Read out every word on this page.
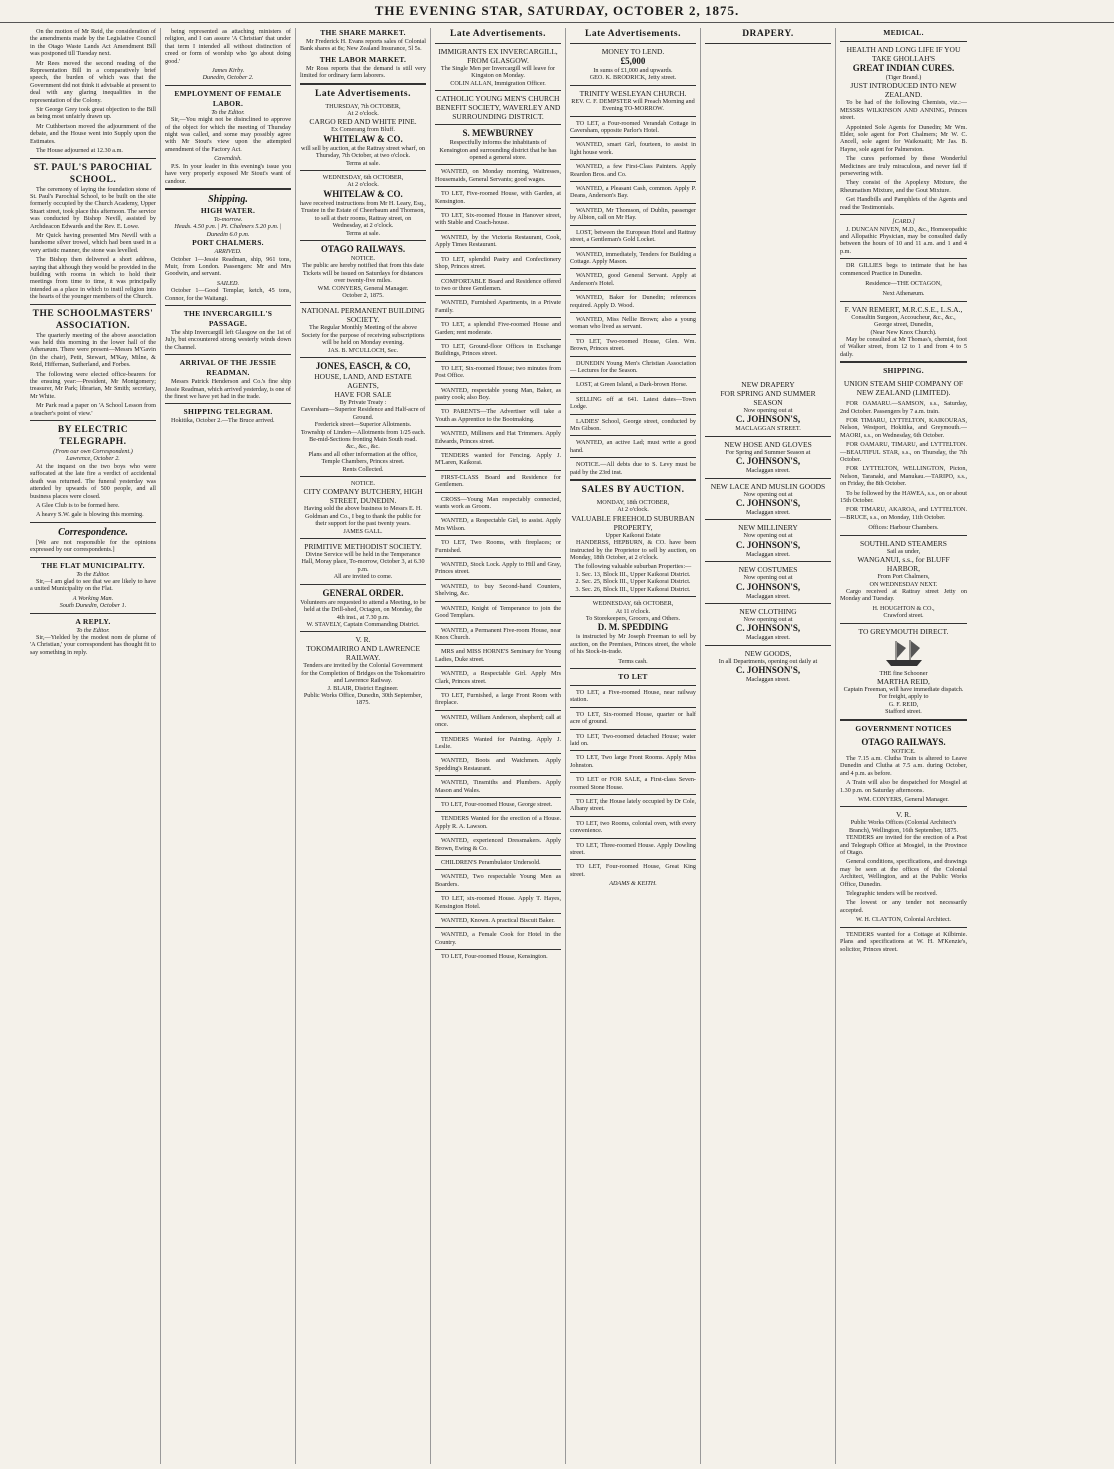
THE EVENING STAR, SATURDAY, OCTOBER 2, 1875.

On the motion of Mr Reid, the consideration of the amendments made by the Legislative Council in the Otago Waste Lands Act Amendment Bill was postponed till Tuesday next.

Mr Rees moved the second reading of the Representation Bill in a comparatively brief speech, the burden of which was that the Government did not think it advisable at present to deal with any glaring inequalities in the representation of the Colony.

Sir George Grey took great objection to the Bill as being most unfairly drawn up.

Mr Cuthbertson moved the adjournment of the debate, and the House went into Supply upon the Estimates.

The House adjourned at 12.30 a.m.

ST. PAUL'S PAROCHIAL SCHOOL.

The ceremony of laying the foundation stone of St. Paul's Parochial School, to be built on the site formerly occupied by the Church Academy, Upper Stuart street, took place this afternoon. The service was conducted by Bishop Nevill, assisted by Archdeacon Edwards and the Rev. E. Lowe.

Mr Quick having presented Mrs Nevill with a handsome silver trowel, which had been used in a very artistic manner, the stone was levelled.

The Bishop then delivered a short address, saying that although they would be provided in the building with rooms in which to hold their meetings from time to time, it was principally intended as a place in which to instil religion into the hearts of the younger members of the Church.

THE SCHOOLMASTERS' ASSOCIATION.

The quarterly meeting of the above association was held this morning in the lower hall of the Athenæum. There were present—Messrs M'Gavin (in the chair), Petit, Stewart, M'Kay, Milne, & Reid, Hiffernan, Sutherland, and Forbes.

The following were elected office-bearers for the ensuing year:—President, Mr Montgomery; treasurer, Mr Park; librarian, Mr Smith; secretary, Mr White.

Mr Park read a paper on 'A School Lesson from a teacher's point of view.'

BY ELECTRIC TELEGRAPH.
(From our own Correspondent.)
Lawrence, October 2.

At the inquest on the two boys who were suffocated at the late fire a verdict of accidental death was returned. The funeral yesterday was attended by upwards of 500 people, and all business places were closed.

A Glee Club is to be formed here.

A heavy S.W. gale is blowing this morning.

Correspondence.

[We are not responsible for the opinions expressed by our correspondents.]

THE FLAT MUNICIPALITY.
To the Editor.

Sir,—I am glad to see that we are likely to have a united Municipality on the Flat.

A Working Man.
South Dunedin, October 1.
A REPLY.
To the Editor.

Sir,—Yielded by the modest nom de plume of 'A Christian,' your correspondent has thought fit to say something in reply.

being represented as attaching ministers of religion, and I can assure 'A Christian' that under that term I intended all without distinction of creed or form of worship who 'go about doing good.'

James Kirby.
Dunedin, October 2.
EMPLOYMENT OF FEMALE LABOR.
To the Editor.

Sir,—You might not be disinclined to approve of the object for which the meeting of Thursday night was called, and some may possibly agree with Mr Stout's view upon the attempted amendment of the Factory Act.

Cavendish.

P.S. In your leader in this evening's issue you have very properly exposed Mr Stout's want of candour.

Shipping.
HIGH WATER.
To-morrow.
Heads. 4.50 p.m. | Pt. Chalmers 5.20 p.m. | Dunedin 6.0 p.m.
PORT CHALMERS.
ARRIVED.

October 1—Jessie Readman, ship, 961 tons, Muir, from London. Passengers: Mr and Mrs Goodwin, and servant.

SAILED.

October 1—Good Templar, ketch, 45 tons, Connor, for the Waitangi.

THE INVERCARGILL'S PASSAGE.

The ship Invercargill left Glasgow on the 1st of July, but encountered strong westerly winds down the Channel.

ARRIVAL OF THE JESSIE READMAN.

Messrs Patrick Henderson and Co.'s fine ship Jessie Readman, which arrived yesterday, is one of the finest we have yet had in the trade.

SHIPPING TELEGRAM.

Hokitika, October 2.—The Bruce arrived.

THE SHARE MARKET.

Mr Frederick H. Evans reports sales of Colonial Bank shares at 8s; New Zealand Insurance, 5l 5s.

THE LABOR MARKET.

Mr Ross reports that the demand is still very limited for ordinary farm laborers.

Late Advertisements.
THURSDAY, 7th OCTOBER,
At 2 o'clock.
CARGO RED AND WHITE PINE.
Ex Comerang from Bluff.
WHITELAW & CO.
will sell by auction, at the Rattray street wharf, on Thursday, 7th October, at two o'clock.
Terms at sale.
WEDNESDAY, 6th OCTOBER,
At 2 o'clock.
WHITELAW & CO.
have received instructions from Mr H. Leary, Esq., Trustee in the Estate of Cheerbaum and Thomson, to sell at their rooms, Rattray street, on Wednesday, at 2 o'clock.
Terms at sale.
OTAGO RAILWAYS.
NOTICE.
The public are hereby notified that from this date Tickets will be issued on Saturdays for distances over twenty-five miles.
WM. CONYERS, General Manager.
October 2, 1875.
NATIONAL PERMANENT BUILDING SOCIETY.
The Regular Monthly Meeting of the above Society for the purpose of receiving subscriptions will be held on Monday evening.
JAS. B. M'CULLOCH, Sec.
JONES, EASCH, & CO,
HOUSE, LAND, AND ESTATE AGENTS,
HAVE FOR SALE
By Private Treaty :
Caversham—Superior Residence and Half-acre of Ground.
Frederick street—Superior Allotments.
Township of Linden—Allotments from 1/25 each.
Be-mid-Sections fronting Main South road.
&c., &c., &c.
Plans and all other information at the office,
Temple Chambers, Princes street.
Rents Collected.
NOTICE.
CITY COMPANY BUTCHERY, HIGH STREET, DUNEDIN.
Having sold the above business to Messrs E. H. Goldman and Co., I beg to thank the public for their support for the past twenty years.
JAMES GALL.
PRIMITIVE METHODIST SOCIETY.
Divine Service will be held in the Temperance Hall, Moray place, To-morrow, October 3, at 6.30 p.m.
All are invited to come.
GENERAL ORDER.
Volunteers are requested to attend a Meeting, to be held at the Drill-shed, Octagon, on Monday, the 4th inst., at 7.30 p.m.
W. STAVELY, Captain Commanding District.
V. R.
TOKOMAIRIRO AND LAWRENCE RAILWAY.
Tenders are invited by the Colonial Government for the Completion of Bridges on the Tokomairiro and Lawrence Railway.
J. BLAIR, District Engineer.
Public Works Office, Dunedin, 30th September, 1875.
Late Advertisements.
IMMIGRANTS EX INVERCARGILL, FROM GLASGOW.
The Single Men per Invercargill will leave for Kingston on Monday.
COLIN ALLAN, Immigration Officer.
CATHOLIC YOUNG MEN'S CHURCH BENEFIT SOCIETY, WAVERLEY AND SURROUNDING DISTRICT.
S. MEWBURNEY
Respectfully informs the inhabitants of Kensington and surrounding district that he has opened a general store.

WANTED, on Monday morning, Waitresses, Housemaids, General Servants; good wages.

TO LET, Five-roomed House, with Garden, at Kensington.

TO LET, Six-roomed House in Hanover street, with Stable and Coach-house.

WANTED, by the Victoria Restaurant, Cook, Apply Times Restaurant.

TO LET, splendid Pastry and Confectionery Shop, Princes street.

COMFORTABLE Board and Residence offered to two or three Gentlemen.

WANTED, Furnished Apartments, in a Private Family.

TO LET, a splendid Five-roomed House and Garden; rent moderate.

TO LET, Ground-floor Offices in Exchange Buildings, Princes street.

TO LET, Six-roomed House; two minutes from Post Office.

WANTED, respectable young Man, Baker, as pastry cook; also Boy.

TO PARENTS—The Advertiser will take a Youth as Apprentice to the Bootmaking.

WANTED, Milliners and Hat Trimmers. Apply Edwards, Princes street.

TENDERS wanted for Fencing. Apply J. M'Laren, Kaikorai.

FIRST-CLASS Board and Residence for Gentlemen.

CROSS—Young Man respectably connected, wants work as Groom.

WANTED, a Respectable Girl, to assist. Apply Mrs Wilson.

TO LET, Two Rooms, with fireplaces; or Furnished.

WANTED, Stock Lock. Apply to Hill and Gray, Princes street.

WANTED, to buy Second-hand Counters, Shelving, &c.

WANTED, Knight of Temperance to join the Good Templars.

WANTED, a Permanent Five-room House, near Knox Church.

MRS and MISS HORNE'S Seminary for Young Ladies, Duke street.

WANTED, a Respectable Girl. Apply Mrs Clark, Princes street.

TO LET, Furnished, a large Front Room with fireplace.

WANTED, William Anderson, shepherd; call at once.

TENDERS Wanted for Painting. Apply J. Leslie.

WANTED, Boots and Watchmen. Apply Spedding's Restaurant.

WANTED, Tinsmiths and Plumbers. Apply Mason and Wales.

TO LET, Four-roomed House, George street.

TENDERS Wanted for the erection of a House. Apply R. A. Lawson.

WANTED, experienced Dressmakers. Apply Brown, Ewing & Co.

CHILDREN'S Perambulator Undersold.

WANTED, Two respectable Young Men as Boarders.

TO LET, six-roomed House. Apply T. Hayes, Kensington Hotel.

WANTED, Known. A practical Biscuit Baker.

WANTED, a Female Cook for Hotel in the Country.

TO LET, Four-roomed House, Kensington.

Late Advertisements.
MONEY TO LEND.
£5,000
In sums of £1,000 and upwards.
GEO. K. BRODRICK, Jetty street.
TRINITY WESLEYAN CHURCH.
REV. C. F. DEMPSTER will Preach Morning and Evening TO-MORROW.

TO LET, a Four-roomed Verandah Cottage in Caversham, opposite Parlor's Hotel.

WANTED, smart Girl, fourteen, to assist in light house work.

WANTED, a few First-Class Painters. Apply Reardon Bros. and Co.

WANTED, a Pleasant Cash, common. Apply P. Deans, Anderson's Bay.

WANTED, Mr Thomson, of Dublin, passenger by Albion, call on Mr Hay.

LOST, between the European Hotel and Rattray street, a Gentleman's Gold Locket.

WANTED, immediately, Tenders for Building a Cottage. Apply Mason.

WANTED, good General Servant. Apply at Anderson's Hotel.

WANTED, Baker for Dunedin; references required. Apply D. Wood.

WANTED, Miss Nellie Brown; also a young woman who lived as servant.

TO LET, Two-roomed House, Glen. Wm. Brown, Princes street.

DUNEDIN Young Men's Christian Association — Lectures for the Season.

LOST, at Green Island, a Dark-brown Horse.

SELLING off at 641. Latest dates—Town Lodge.

LADIES' School, George street, conducted by Mrs Gibson.

WANTED, an active Lad; must write a good hand.

NOTICE.—All debts due to S. Levy must be paid by the 23rd inst.

SALES BY AUCTION.
MONDAY, 18th OCTOBER,
At 2 o'clock.
VALUABLE FREEHOLD SUBURBAN PROPERTY,
Upper Kaikorai Estate

HANDERSS, HEPBURN, & CO. have been instructed by the Proprietor to sell by auction, on Monday, 18th October, at 2 o'clock.

The following valuable suburban Properties:—
1. Sec. 13, Block III., Upper Kaikorai District.
2. Sec. 25, Block III., Upper Kaikorai District.
3. Sec. 26, Block III., Upper Kaikorai District.
WEDNESDAY, 6th OCTOBER,
At 11 o'clock.
To Storekeepers, Grocers, and Others.
D. M. SPEDDING

is instructed by Mr Joseph Freeman to sell by auction, on the Premises, Princes street, the whole of his Stock-in-trade.

Terms cash.
TO LET

TO LET, a Five-roomed House, near railway station.

TO LET, Six-roomed House, quarter or half acre of ground.

TO LET, Two-roomed detached House; water laid on.

TO LET, Two large Front Rooms. Apply Miss Johnston.

TO LET or FOR SALE, a First-class Seven-roomed Stone House.

TO LET, the House lately occupied by Dr Cole, Albany street.

TO LET, two Rooms, colonial oven, with every convenience.

TO LET, Three-roomed House. Apply Dowling street.

TO LET, Four-roomed House, Great King street.

ADAMS & KEITH.
DRAPERY.
NEW DRAPERY
FOR SPRING AND SUMMER SEASON
Now opening out at
C. JOHNSON'S,
MACLAGGAN STREET.
NEW HOSE AND GLOVES
For Spring and Summer Season at
C. JOHNSON'S,
Maclaggan street.
NEW LACE AND MUSLIN GOODS
Now opening out at
C. JOHNSON'S,
Maclaggan street.
NEW MILLINERY
Now opening out at
C. JOHNSON'S,
Maclaggan street.
NEW COSTUMES
Now opening out at
C. JOHNSON'S,
Maclaggan street.
NEW CLOTHING
Now opening out at
C. JOHNSON'S,
Maclaggan street.
NEW GOODS,
In all Departments, opening out daily at
C. JOHNSON'S,
Maclaggan street.
MEDICAL.
HEALTH AND LONG LIFE IF YOU TAKE GHOLLAH'S
GREAT INDIAN CURES.
(Tiger Brand.)
JUST INTRODUCED INTO NEW ZEALAND.

To be had of the following Chemists, viz.:—MESSRS WILKINSON AND ANNING, Princes street.

Appointed Sole Agents for Dunedin; Mr Wm. Elder, sole agent for Port Chalmers; Mr W. C. Ancell, sole agent for Waikouaiti; Mr Jas. B. Hayne, sole agent for Palmerston.

The cures performed by these Wonderful Medicines are truly miraculous, and never fail if persevering with.

They consist of the Apoplexy Mixture, the Rheumatism Mixture, and the Gout Mixture.

Get Handbills and Pamphlets of the Agents and read the Testimonials.

[CARD.]

J. DUNCAN NIVEN, M.D., &c., Homoeopathic and Allopathic Physician, may be consulted daily between the hours of 10 and 11 a.m. and 1 and 4 p.m.

DR GILLIES begs to intimate that he has commenced Practice in Dunedin.

Residence—THE OCTAGON,
Next Athenæum.
F. VAN REMERT, M.R.C.S.E., L.S.A.,
Consultin Surgeon, Accoucheur, &c., &c.,
George street, Dunedin,
(Near New Knox Church).

May be consulted at Mr Thomas's, chemist, foot of Walker street, from 12 to 1 and from 4 to 5 daily.

SHIPPING.
UNION STEAM SHIP COMPANY OF NEW ZEALAND (LIMITED).

FOR OAMARU.—SAMSON, s.s., Saturday, 2nd October. Passengers by 7 a.m. train.

FOR TIMARU, LYTTELTON, KAIKOURAS, Nelson, Westport, Hokitika, and Greymouth.—MAORI, s.s., on Wednesday, 6th October.

FOR OAMARU, TIMARU, and LYTTELTON.—BEAUTIFUL STAR, s.s., on Thursday, the 7th October.

FOR LYTTELTON, WELLINGTON, Picton, Nelson, Taranaki, and Manukau.—TARIPO, s.s., on Friday, the 8th October.

To be followed by the HAWEA, s.s., on or about 15th October.

FOR TIMARU, AKAROA, and LYTTELTON.—BRUCE, s.s., on Monday, 11th October.

Offices: Harbour Chambers.
SOUTHLAND STEAMERS
Sail as under,
WANGANUI, s.s., for BLUFF HARBOR,
From Port Chalmers,
ON WEDNESDAY NEXT.

Cargo received at Rattray street Jetty on Monday and Tuesday.

H. HOUGHTON & CO.,
Crawford street.
TO GREYMOUTH DIRECT.
THE fine Schooner
MARTHA REID,
Captain Freeman, will have immediate dispatch.
For freight, apply to
G. F. REID,
Stafford street.
GOVERNMENT NOTICES
OTAGO RAILWAYS.
NOTICE.

The 7.15 a.m. Clutha Train is altered to Leave Dunedin and Clutha at 7.5 a.m. during October, and 4 p.m. as before.

A Train will also be despatched for Mosgiel at 1.30 p.m. on Saturday afternoons.

WM. CONYERS, General Manager.
V. R.
Public Works Offices (Colonial Architect's Branch), Wellington, 16th September, 1875.

TENDERS are invited for the erection of a Post and Telegraph Office at Mosgiel, in the Province of Otago.

General conditions, specifications, and drawings may be seen at the offices of the Colonial Architect, Wellington, and at the Public Works Office, Dunedin.

Telegraphic tenders will be received.

The lowest or any tender not necessarily accepted.

W. H. CLAYTON, Colonial Architect.

TENDERS wanted for a Cottage at Kilbirnie. Plans and specifications at W. H. M'Kenzie's, solicitor, Princes street.
